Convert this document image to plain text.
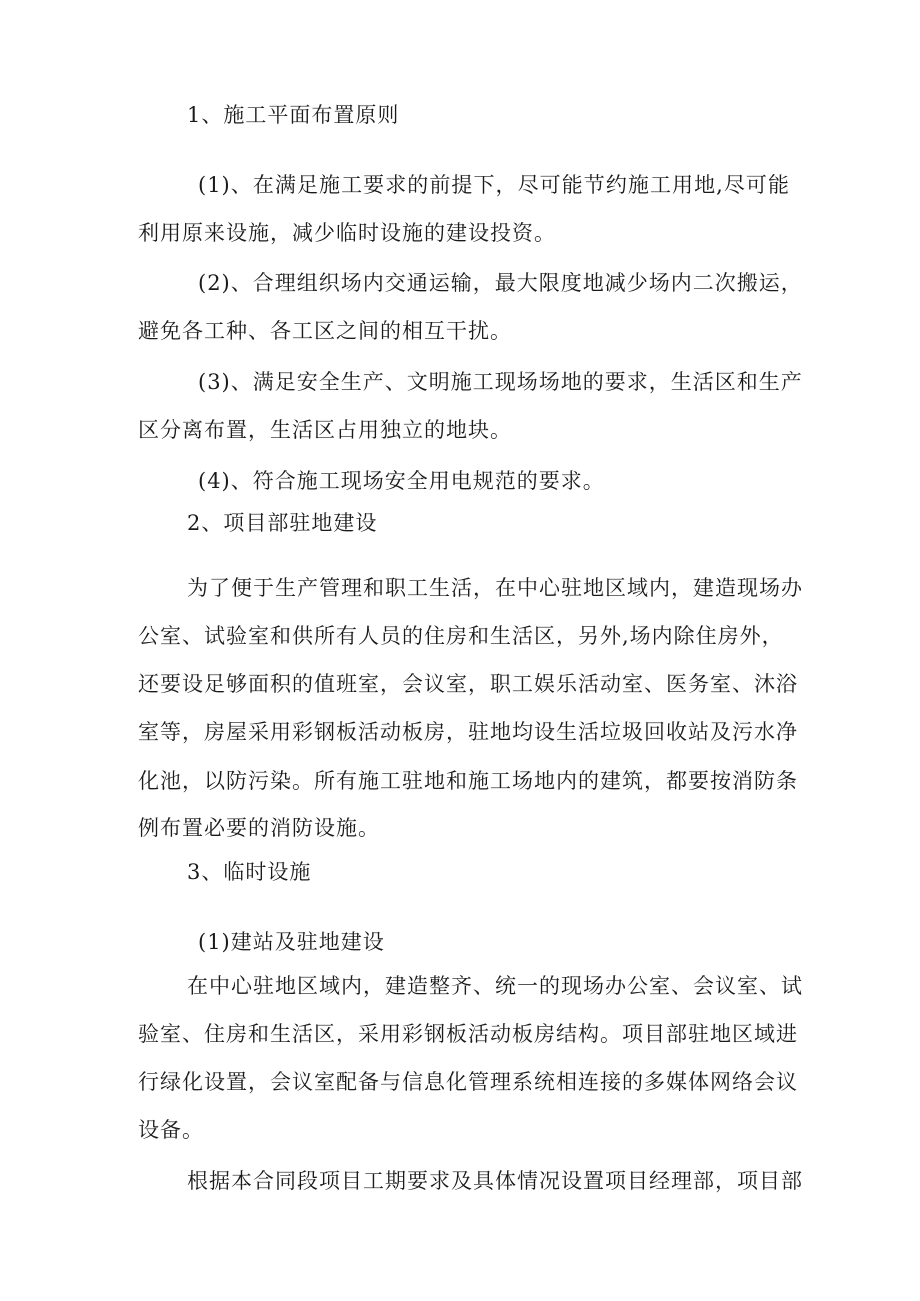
1、施工平面布置原则
(1)、在满足施工要求的前提下，尽可能节约施工用地,尽可能
利用原来设施，减少临时设施的建设投资。
(2)、合理组织场内交通运输，最大限度地减少场内二次搬运，
避免各工种、各工区之间的相互干扰。
(3)、满足安全生产、文明施工现场场地的要求，生活区和生产
区分离布置，生活区占用独立的地块。
(4)、符合施工现场安全用电规范的要求。
2、项目部驻地建设
为了便于生产管理和职工生活，在中心驻地区域内，建造现场办
公室、试验室和供所有人员的住房和生活区，另外,场内除住房外，
还要设足够面积的值班室，会议室，职工娱乐活动室、医务室、沐浴
室等，房屋采用彩钢板活动板房，驻地均设生活垃圾回收站及污水净
化池，以防污染。所有施工驻地和施工场地内的建筑，都要按消防条
例布置必要的消防设施。
3、临时设施
(1)建站及驻地建设
在中心驻地区域内，建造整齐、统一的现场办公室、会议室、试
验室、住房和生活区，采用彩钢板活动板房结构。项目部驻地区域进
行绿化设置，会议室配备与信息化管理系统相连接的多媒体网络会议
设备。
根据本合同段项目工期要求及具体情况设置项目经理部，项目部
